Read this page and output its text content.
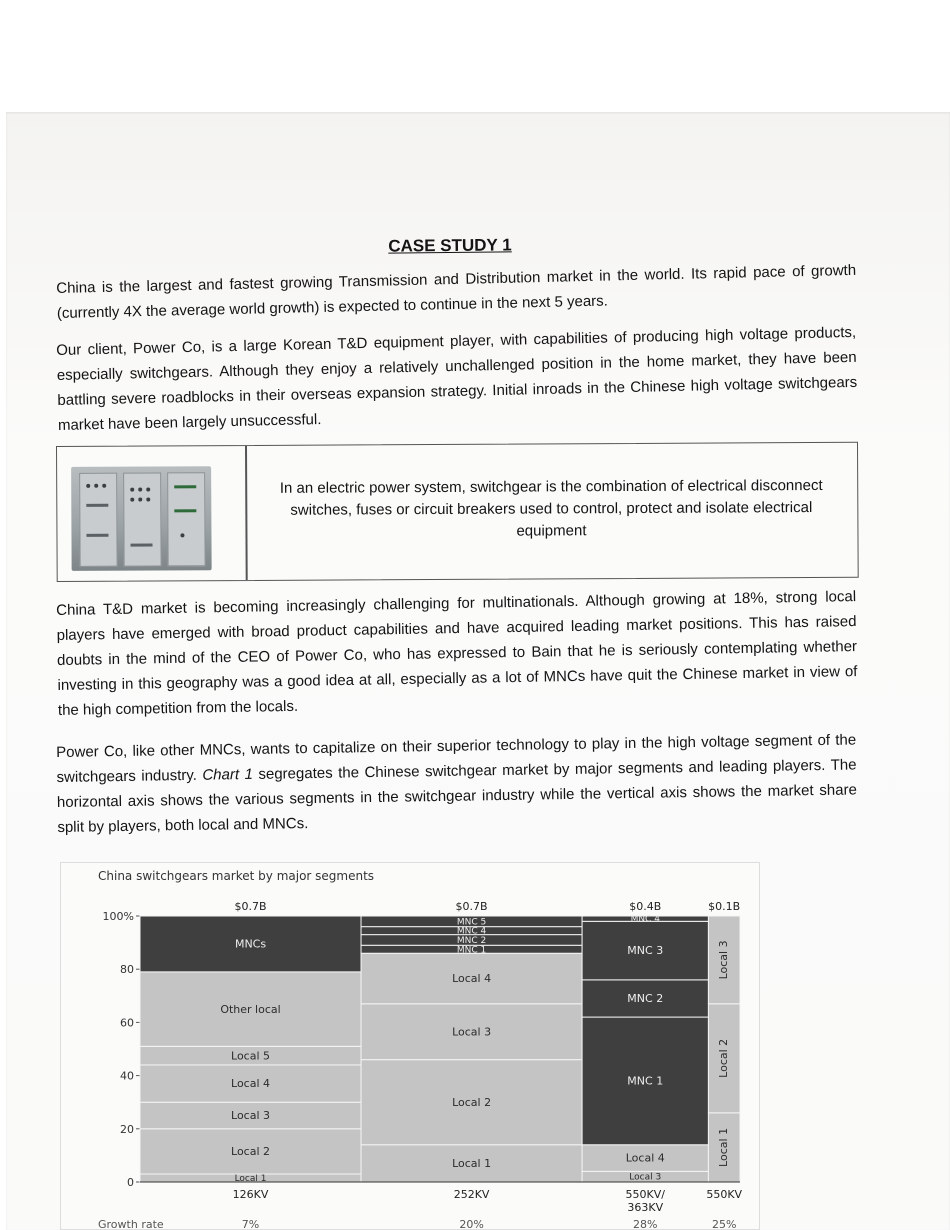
CASE STUDY 1
China is the largest and fastest growing Transmission and Distribution market in the world. Its rapid pace of growth (currently 4X the average world growth) is expected to continue in the next 5 years.
Our client, Power Co, is a large Korean T&D equipment player, with capabilities of producing high voltage products, especially switchgears. Although they enjoy a relatively unchallenged position in the home market, they have been battling severe roadblocks in their overseas expansion strategy. Initial inroads in the Chinese high voltage switchgears market have been largely unsuccessful.
In an electric power system, switchgear is the combination of electrical disconnect switches, fuses or circuit breakers used to control, protect and isolate electrical equipment
China T&D market is becoming increasingly challenging for multinationals. Although growing at 18%, strong local players have emerged with broad product capabilities and have acquired leading market positions. This has raised doubts in the mind of the CEO of Power Co, who has expressed to Bain that he is seriously contemplating whether investing in this geography was a good idea at all, especially as a lot of MNCs have quit the Chinese market in view of the high competition from the locals.
Power Co, like other MNCs, wants to capitalize on their superior technology to play in the high voltage segment of the switchgears industry. Chart 1 segregates the Chinese switchgear market by major segments and leading players. The horizontal axis shows the various segments in the switchgear industry while the vertical axis shows the market share split by players, both local and MNCs.
China switchgears market by major segments
0
20
40
60
80
100%
Local 1
Local 2
Local 3
Local 4
Local 5
Other local
MNCs
$0.7B
126KV
7%
Local 1
Local 2
Local 3
Local 4
MNC 1
MNC 2
MNC 4
MNC 5
$0.7B
252KV
20%
Local 3
Local 4
MNC 1
MNC 2
MNC 3
MNC 4
$0.4B
550KV/
363KV
28%
Local 1
Local 2
Local 3
$0.1B
550KV
25%
Growth rate
